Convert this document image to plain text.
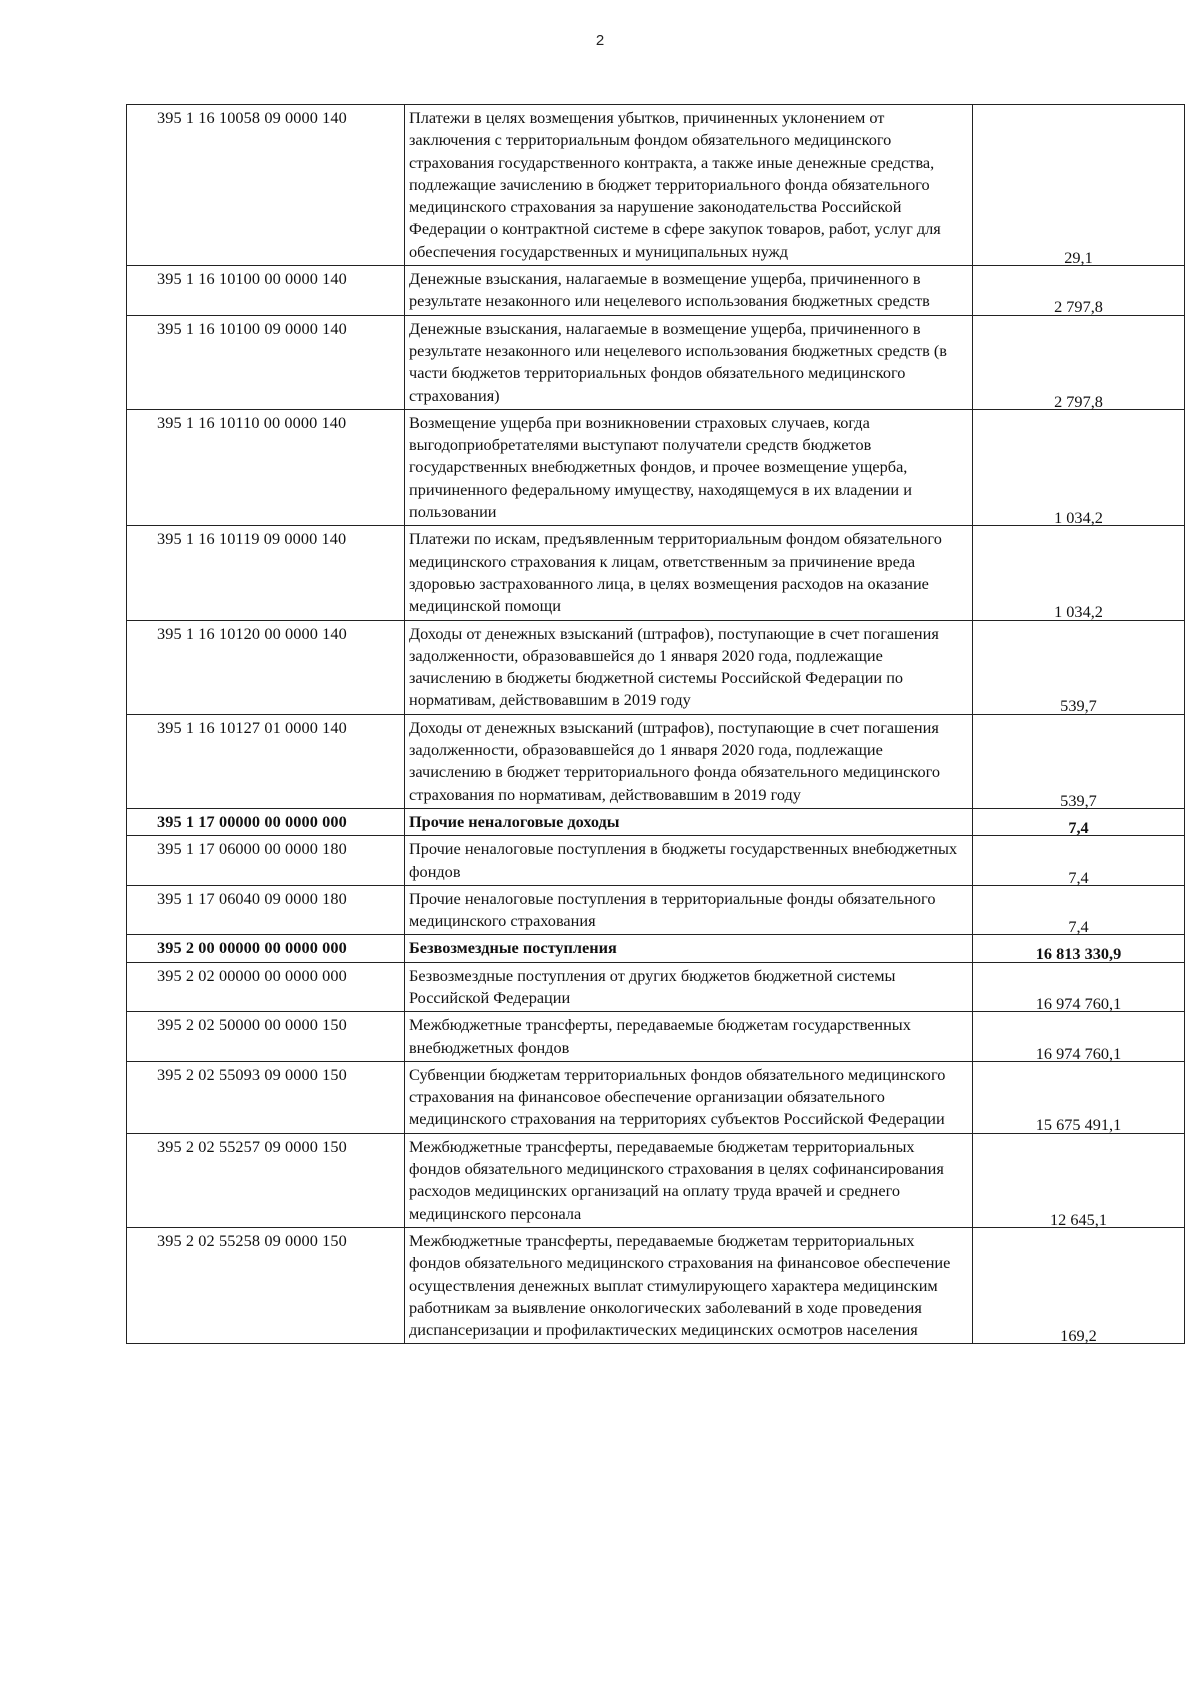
2
395 1 16 10058 09 0000 140	Платежи в целях возмещения убытков, причиненных уклонением от заключения с территориальным фондом обязательного медицинского страхования государственного контракта, а также иные денежные средства, подлежащие зачислению в бюджет территориального фонда обязательного медицинского страхования за нарушение законодательства Российской Федерации о контрактной системе в сфере закупок товаров, работ, услуг для обеспечения государственных и муниципальных нужд	29,1
395 1 16 10100 00 0000 140	Денежные взыскания, налагаемые в возмещение ущерба, причиненного в результате незаконного или нецелевого использования бюджетных средств	2 797,8
395 1 16 10100 09 0000 140	Денежные взыскания, налагаемые в возмещение ущерба, причиненного в результате незаконного или нецелевого использования бюджетных средств (в части бюджетов территориальных фондов обязательного медицинского страхования)	2 797,8
395 1 16 10110 00 0000 140	Возмещение ущерба при возникновении страховых случаев, когда выгодоприобретателями выступают получатели средств бюджетов государственных внебюджетных фондов, и прочее возмещение ущерба, причиненного федеральному имуществу, находящемуся в их владении и пользовании	1 034,2
395 1 16 10119 09 0000 140	Платежи по искам, предъявленным территориальным фондом обязательного медицинского страхования к лицам, ответственным за причинение вреда здоровью застрахованного лица, в целях возмещения расходов на оказание медицинской помощи	1 034,2
395 1 16 10120 00 0000 140	Доходы от денежных взысканий (штрафов), поступающие в счет погашения задолженности, образовавшейся до 1 января 2020 года, подлежащие зачислению в бюджеты бюджетной системы Российской Федерации по нормативам, действовавшим в 2019 году	539,7
395 1 16 10127 01 0000 140	Доходы от денежных взысканий (штрафов), поступающие в счет погашения задолженности, образовавшейся до 1 января 2020 года, подлежащие зачислению в бюджет территориального фонда обязательного медицинского страхования по нормативам, действовавшим в 2019 году	539,7
395 1 17 00000 00 0000 000	Прочие неналоговые доходы	7,4
395 1 17 06000 00 0000 180	Прочие неналоговые поступления в бюджеты государственных внебюджетных фондов	7,4
395 1 17 06040 09 0000 180	Прочие неналоговые поступления в территориальные фонды обязательного медицинского страхования	7,4
395 2 00 00000 00 0000 000	Безвозмездные поступления	16 813 330,9
395 2 02 00000 00 0000 000	Безвозмездные поступления от других бюджетов бюджетной системы Российской Федерации	16 974 760,1
395 2 02 50000 00 0000 150	Межбюджетные трансферты, передаваемые бюджетам государственных внебюджетных фондов	16 974 760,1
395 2 02 55093 09 0000 150	Субвенции бюджетам территориальных фондов обязательного медицинского страхования на финансовое обеспечение организации обязательного медицинского страхования на территориях субъектов Российской Федерации	15 675 491,1
395 2 02 55257 09 0000 150	Межбюджетные трансферты, передаваемые бюджетам территориальных фондов обязательного медицинского страхования в целях софинансирования расходов медицинских организаций на оплату труда врачей и среднего медицинского персонала	12 645,1
395 2 02 55258 09 0000 150	Межбюджетные трансферты, передаваемые бюджетам территориальных фондов обязательного медицинского страхования на финансовое обеспечение осуществления денежных выплат стимулирующего характера медицинским работникам за выявление онкологических заболеваний в ходе проведения диспансеризации и профилактических медицинских осмотров населения	169,2
